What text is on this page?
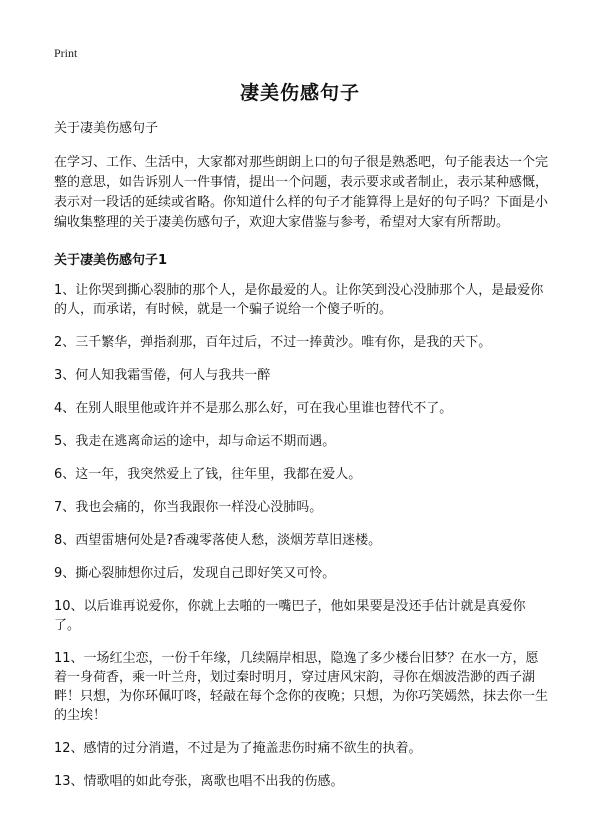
Print
凄美伤感句子

关于凄美伤感句子

在学习、工作、生活中，大家都对那些朗朗上口的句子很是熟悉吧，句子能表达一个完整的意思，如告诉别人一件事情，提出一个问题，表示要求或者制止，表示某种感慨，表示对一段话的延续或省略。你知道什么样的句子才能算得上是好的句子吗？下面是小编收集整理的关于凄美伤感句子，欢迎大家借鉴与参考，希望对大家有所帮助。

关于凄美伤感句子1

1、让你哭到撕心裂肺的那个人，是你最爱的人。让你笑到没心没肺那个人，是最爱你的人，而承诺，有时候，就是一个骗子说给一个傻子听的。

2、三千繁华，弹指刹那，百年过后，不过一捧黄沙。唯有你，是我的天下。

3、何人知我霜雪倦，何人与我共一醉

4、在别人眼里他或许并不是那么那么好，可在我心里谁也替代不了。

5、我走在逃离命运的途中，却与命运不期而遇。

6、这一年，我突然爱上了钱，往年里，我都在爱人。

7、我也会痛的，你当我跟你一样没心没肺吗。

8、西望雷塘何处是?香魂零落使人愁，淡烟芳草旧迷楼。

9、撕心裂肺想你过后，发现自己即好笑又可怜。

10、以后谁再说爱你，你就上去啪的一嘴巴子，他如果要是没还手估计就是真爱你了。

11、一场红尘恋，一份千年缘，几续隔岸相思，隐逸了多少楼台旧梦？在水一方，愿着一身荷香，乘一叶兰舟，划过秦时明月，穿过唐风宋韵，寻你在烟波浩渺的西子湖畔！只想，为你环佩叮咚，轻敲在每个念你的夜晚；只想，为你巧笑嫣然，抹去你一生的尘埃！

12、感情的过分消遣，不过是为了掩盖悲伤时痛不欲生的执着。

13、情歌唱的如此夸张，离歌也唱不出我的伤感。
